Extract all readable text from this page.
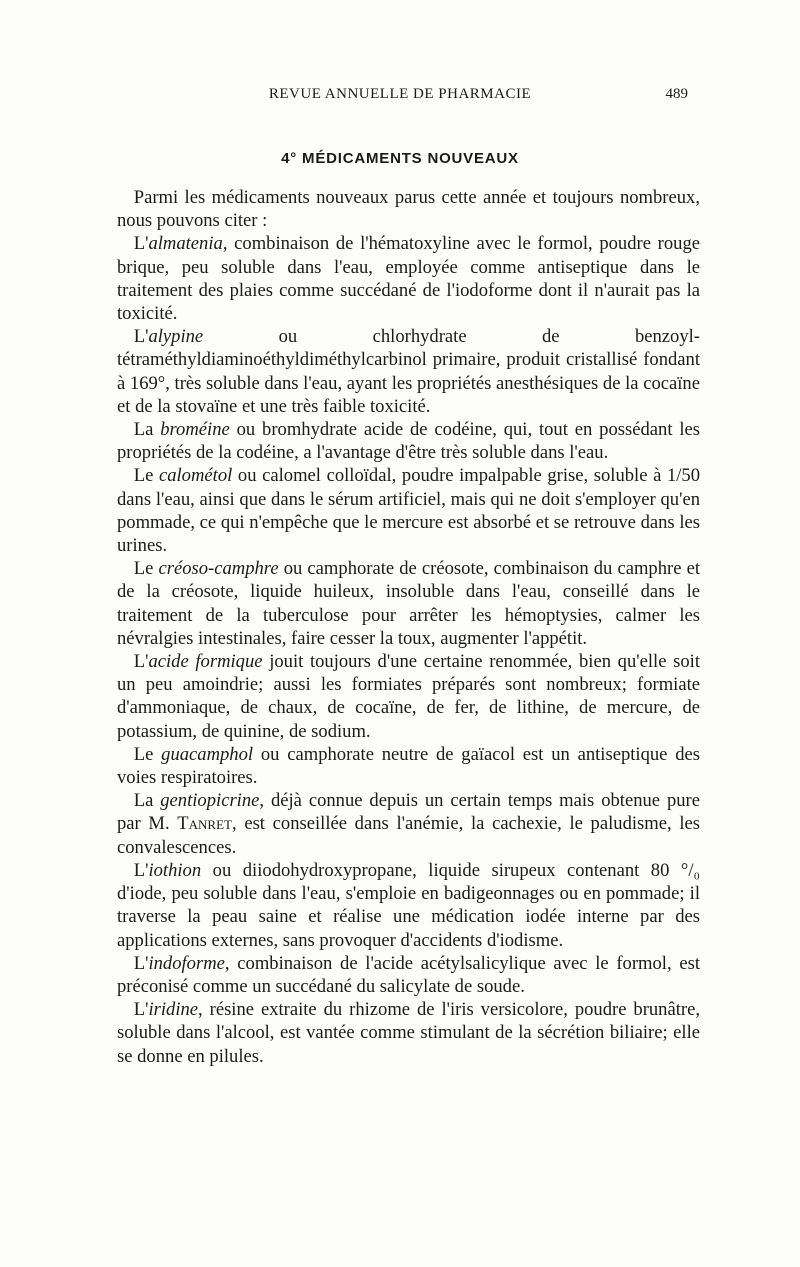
REVUE ANNUELLE DE PHARMACIE	489
4° MÉDICAMENTS NOUVEAUX

Parmi les médicaments nouveaux parus cette année et toujours nombreux, nous pouvons citer :

L'almatenia, combinaison de l'hématoxyline avec le formol, poudre rouge brique, peu soluble dans l'eau, employée comme antiseptique dans le traitement des plaies comme succédané de l'iodoforme dont il n'aurait pas la toxicité.

L'alypine ou chlorhydrate de benzoyl-tétraméthyldiaminoéthyldiméthylcarbinol primaire, produit cristallisé fondant à 169°, très soluble dans l'eau, ayant les propriétés anesthésiques de la cocaïne et de la stovaïne et une très faible toxicité.

La broméine ou bromhydrate acide de codéine, qui, tout en possédant les propriétés de la codéine, a l'avantage d'être très soluble dans l'eau.

Le calométol ou calomel colloïdal, poudre impalpable grise, soluble à 1/50 dans l'eau, ainsi que dans le sérum artificiel, mais qui ne doit s'employer qu'en pommade, ce qui n'empêche que le mercure est absorbé et se retrouve dans les urines.

Le créoso-camphre ou camphorate de créosote, combinaison du camphre et de la créosote, liquide huileux, insoluble dans l'eau, conseillé dans le traitement de la tuberculose pour arrêter les hémoptysies, calmer les névralgies intestinales, faire cesser la toux, augmenter l'appétit.

L'acide formique jouit toujours d'une certaine renommée, bien qu'elle soit un peu amoindrie; aussi les formiates préparés sont nombreux; formiate d'ammoniaque, de chaux, de cocaïne, de fer, de lithine, de mercure, de potassium, de quinine, de sodium.

Le guacamphol ou camphorate neutre de gaïacol est un antiseptique des voies respiratoires.

La gentiopicrine, déjà connue depuis un certain temps mais obtenue pure par M. Tanret, est conseillée dans l'anémie, la cachexie, le paludisme, les convalescences.

L'iothion ou diiodohydroxypropane, liquide sirupeux contenant 80 °/₀ d'iode, peu soluble dans l'eau, s'emploie en badigeonnages ou en pommade; il traverse la peau saine et réalise une médication iodée interne par des applications externes, sans provoquer d'accidents d'iodisme.

L'indoforme, combinaison de l'acide acétylsalicylique avec le formol, est préconisé comme un succédané du salicylate de soude.

L'iridine, résine extraite du rhizome de l'iris versicolore, poudre brunâtre, soluble dans l'alcool, est vantée comme stimulant de la sécrétion biliaire; elle se donne en pilules.
